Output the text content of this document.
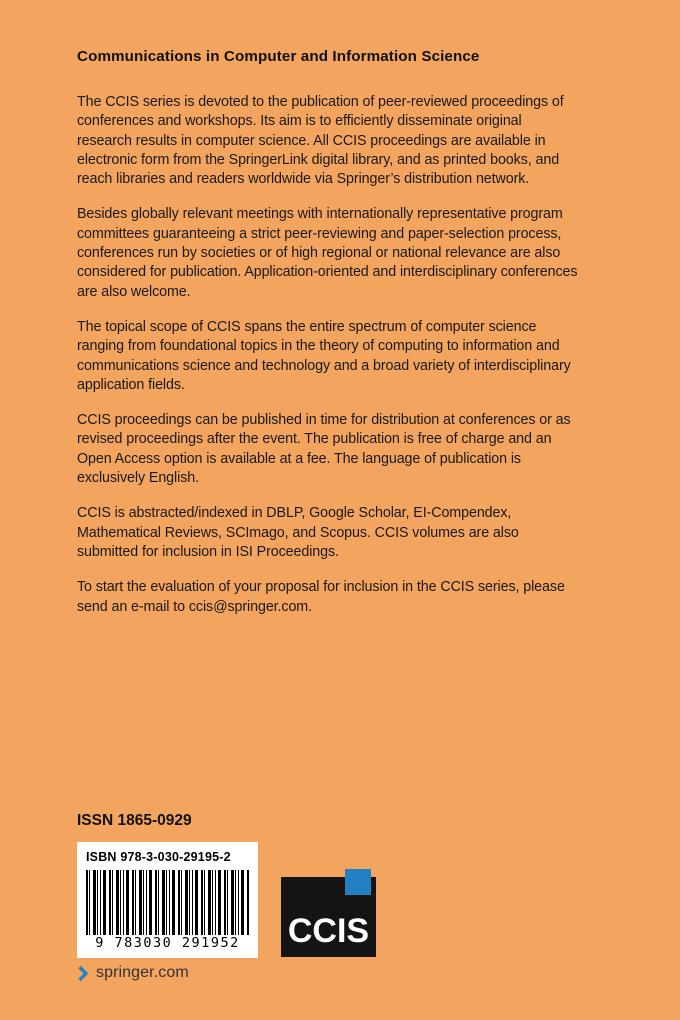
Communications in Computer and Information Science

The CCIS series is devoted to the publication of peer-reviewed proceedings of conferences and workshops. Its aim is to efficiently disseminate original research results in computer science. All CCIS proceedings are available in electronic form from the SpringerLink digital library, and as printed books, and reach libraries and readers worldwide via Springer’s distribution network.

Besides globally relevant meetings with internationally representative program committees guaranteeing a strict peer-reviewing and paper-selection process, conferences run by societies or of high regional or national relevance are also considered for publication. Application-oriented and interdisciplinary conferences are also welcome.

The topical scope of CCIS spans the entire spectrum of computer science ranging from foundational topics in the theory of computing to information and communications science and technology and a broad variety of interdisciplinary application fields.

CCIS proceedings can be published in time for distribution at conferences or as revised proceedings after the event. The publication is free of charge and an Open Access option is available at a fee. The language of publication is exclusively English.

CCIS is abstracted/indexed in DBLP, Google Scholar, EI-Compendex, Mathematical Reviews, SCImago, and Scopus. CCIS volumes are also submitted for inclusion in ISI Proceedings.

To start the evaluation of your proposal for inclusion in the CCIS series, please send an e-mail to ccis@springer.com.

ISSN 1865-0929
ISBN 978-3-030-29195-2
9 783030 291952	CCIS
springer.com
